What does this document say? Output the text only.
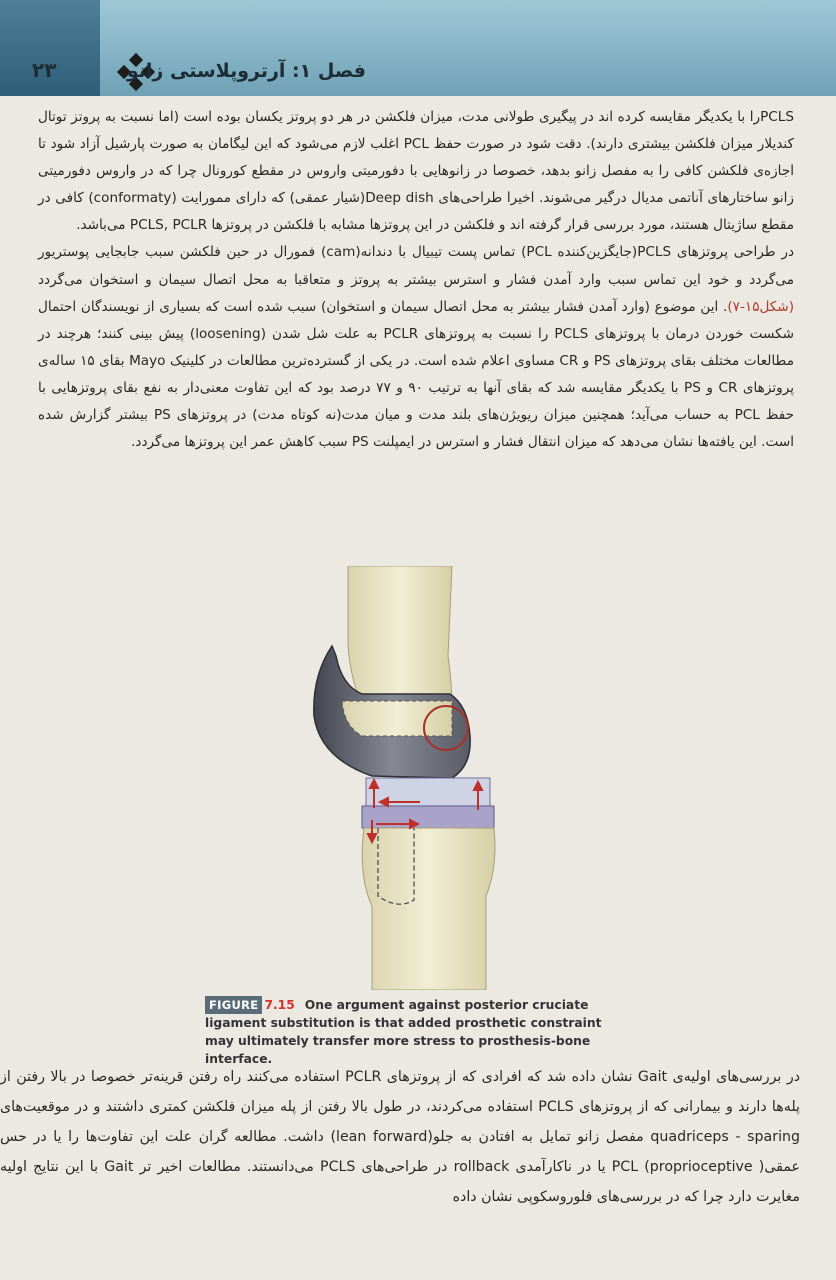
۲۳	فصل ۱: آرتروپلاستی زانو

PCLSرا با یکدیگر مقایسه کرده اند در پیگیری طولانی مدت، میزان فلکشن در هر دو پروتز یکسان بوده است (اما نسبت به پروتز توتال کندیلار میزان فلکشن بیشتری دارند). دقت شود در صورت حفظ PCL اغلب لازم می‌شود که این لیگامان به صورت پارشیل آزاد شود تا اجازه‌ی فلکشن کافی را به مفصل زانو بدهد، خصوصا در زانوهایی با دفورمیتی واروس در مقطع کورونال چرا که در واروس دفورمیتی زانو ساختارهای آناتمی مدیال درگیر می‌شوند. اخیرا طراحی‌های Deep dish(شیار عمقی) که دارای ممورایت (conformaty) کافی در مقطع ساژیتال هستند، مورد بررسی قرار گرفته اند و فلکشن در این پروتزها مشابه با فلکشن در پروتزها PCLS, PCLR می‌باشد.

در طراحی پروتزهای PCLS(جایگزین‌کننده PCL) تماس پست تیبیال با دندانه(cam) فمورال در حین فلکشن سبب جابجایی پوستریور می‌گردد و خود این تماس سبب وارد آمدن فشار و استرس بیشتر به پروتز و متعاقبا به محل اتصال سیمان و استخوان می‌گردد (شکل۱۵-۷). این موضوع (وارد آمدن فشار بیشتر به محل اتصال سیمان و استخوان) سبب شده است که بسیاری از نویسندگان احتمال شکست خوردن درمان با پروتزهای PCLS را نسبت به پروتزهای PCLR به علت شل شدن (loosening) پیش بینی کنند؛ هرچند در مطالعات مختلف بقای پروتزهای PS و CR مساوی اعلام شده است. در یکی از گسترده‌ترین مطالعات در کلینیک Mayo بقای ۱۵ ساله‌ی پروتزهای CR و PS با یکدیگر مقایسه شد که بقای آنها به ترتیب ۹۰ و ۷۷ درصد بود که این تفاوت معنی‌دار به نفع بقای پروتزهایی با حفظ PCL به حساب می‌آید؛ همچنین میزان ریویژن‌های بلند مدت و میان مدت(نه کوتاه مدت) در پروتزهای PS بیشتر گزارش شده است. این یافته‌ها نشان می‌دهد که میزان انتقال فشار و استرس در ایمپلنت PS سبب کاهش عمر این پروتزها می‌گردد.

FIGURE 7.15 One argument against posterior cruciate ligament substitution is that added prosthetic constraint may ultimately transfer more stress to prosthesis-bone interface.

در بررسی‌های اولیه‌ی Gait نشان داده شد که افرادی که از پروتزهای PCLR استفاده می‌کنند راه رفتن قرینه‌تر خصوصا در بالا رفتن از پله‌ها دارند و بیمارانی که از پروتزهای PCLS استفاده می‌کردند، در طول بالا رفتن از پله میزان فلکشن کمتری داشتند و در موقعیت‌های quadriceps - sparing مفصل زانو تمایل به افتادن به جلو(lean forward) داشت. مطالعه گران علت این تفاوت‌ها را یا در حس عمقی( PCL (proprioceptive یا در ناکارآمدی rollback در طراحی‌های PCLS می‌دانستند. مطالعات اخیر تر Gait با این نتایج اولیه مغایرت دارد چرا که در بررسی‌های فلوروسکوپی نشان داده
